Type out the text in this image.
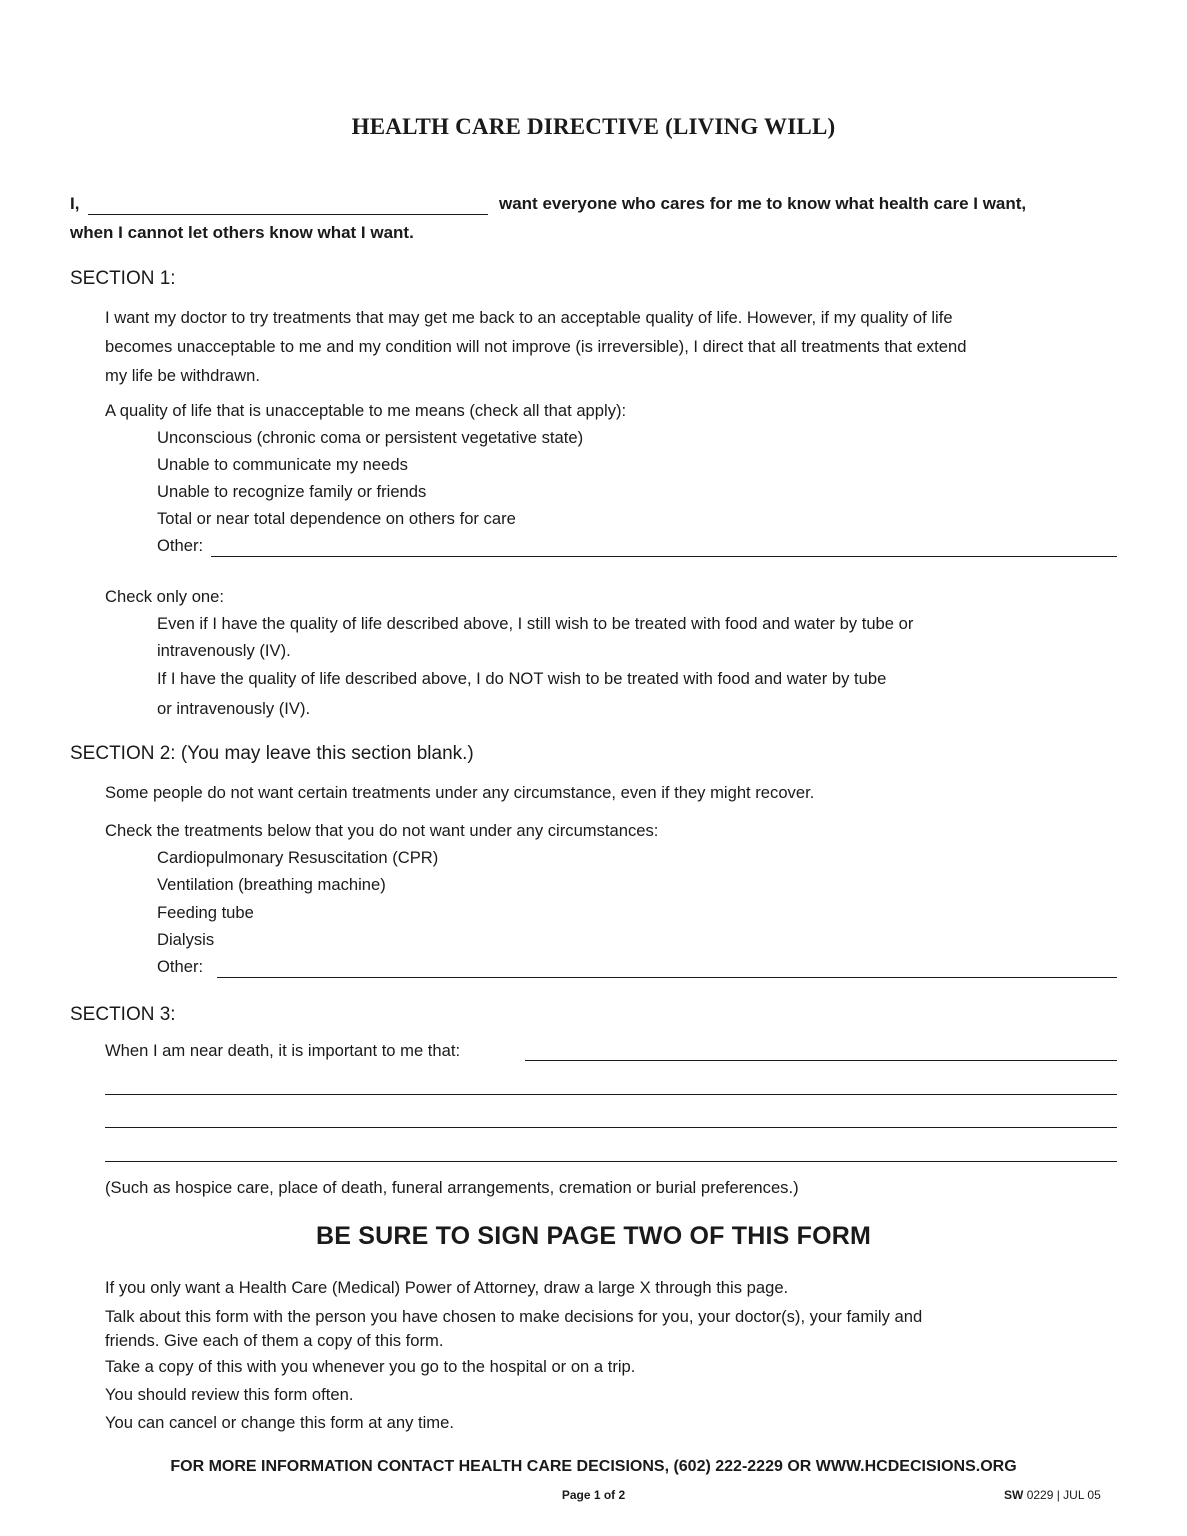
HEALTH CARE DIRECTIVE (LIVING WILL)
I,	want everyone who cares for me to know what health care I want,
when I cannot let others know what I want.
SECTION 1:
I want my doctor to try treatments that may get me back to an acceptable quality of life. However, if my quality of life
becomes unacceptable to me and my condition will not improve (is irreversible), I direct that all treatments that extend
my life be withdrawn.
A quality of life that is unacceptable to me means (check all that apply):
Unconscious (chronic coma or persistent vegetative state)
Unable to communicate my needs
Unable to recognize family or friends
Total or near total dependence on others for care
Other:
Check only one:
Even if I have the quality of life described above, I still wish to be treated with food and water by tube or
intravenously (IV).
If I have the quality of life described above, I do NOT wish to be treated with food and water by tube
or intravenously (IV).
SECTION 2: (You may leave this section blank.)
Some people do not want certain treatments under any circumstance, even if they might recover.
Check the treatments below that you do not want under any circumstances:
Cardiopulmonary Resuscitation (CPR)
Ventilation (breathing machine)
Feeding tube
Dialysis
Other:
SECTION 3:
When I am near death, it is important to me that:
(Such as hospice care, place of death, funeral arrangements, cremation or burial preferences.)
BE SURE TO SIGN PAGE TWO OF THIS FORM
If you only want a Health Care (Medical) Power of Attorney, draw a large X through this page.
Talk about this form with the person you have chosen to make decisions for you, your doctor(s), your family and
friends. Give each of them a copy of this form.
Take a copy of this with you whenever you go to the hospital or on a trip.
You should review this form often.
You can cancel or change this form at any time.
FOR MORE INFORMATION CONTACT HEALTH CARE DECISIONS, (602) 222-2229 OR WWW.HCDECISIONS.ORG
Page 1 of 2	SW 0229 | JUL 05
